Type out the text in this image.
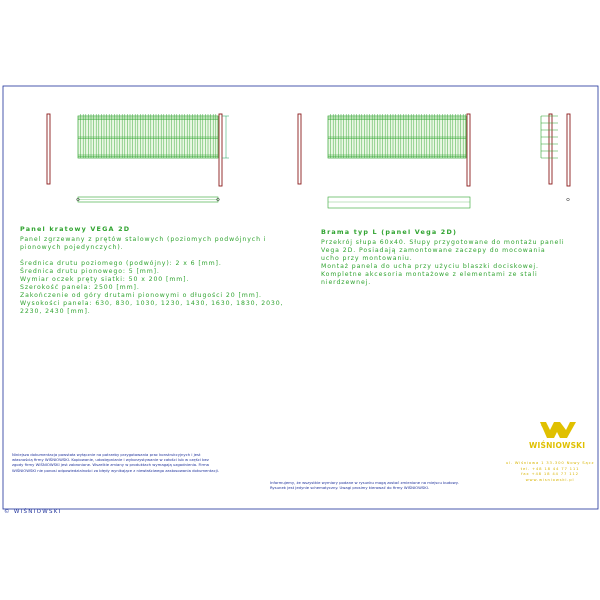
Panel kratowy VEGA 2D

Panel zgrzewany z prętów stalowych (poziomych podwójnych i

pionowych pojedynczych).

Średnica drutu poziomego (podwójny): 2 x 6 [mm].

Średnica drutu pionowego: 5 [mm].

Wymiar oczek pręty siatki: 50 x 200 [mm].

Szerokość panela: 2500 [mm].

Zakończenie od góry drutami pionowymi o długości 20 [mm].

Wysokości panela: 630, 830, 1030, 1230, 1430, 1630, 1830, 2030,

2230, 2430 [mm].

Brama typ L (panel Vega 2D)

Przekrój słupa 60x40. Słupy przygotowane do montażu paneli

Vega 2D. Posiadają zamontowane zaczepy do mocowania

ucho przy montowaniu.

Montaż panela do ucha przy użyciu blaszki dociskowej.

Kompletne akcesoria montażowe z elementami ze stali

nierdzewnej.

Niniejsza dokumentacja powstała wyłącznie na potrzeby przygotowania prac konstrukcyjnych i jest własnością firmy WIŚNIOWSKI. Kopiowanie, udostępnianie i wykorzystywanie w całości lub w części bez zgody firmy WIŚNIOWSKI jest zabronione. Wszelkie zmiany w produktach wymagają uzgodnienia. Firma WIŚNIOWSKI nie ponosi odpowiedzialności za błędy wynikające z niewłaściwego zastosowania dokumentacji.

Informujemy, że wszystkie wymiary podane w rysunku mogą zostać zmienione na miejscu budowy. Rysunek jest jedynie schematyczny. Uwagi prosimy kierować do firmy WIŚNIOWSKI.

© WIŚNIOWSKI

WIŚNIOWSKI

ul. Wiśniowa 1 33-300 Nowy Sącz

tel. +48 18 44 77 111

fax +48 18 44 77 112

www.wisniowski.pl
